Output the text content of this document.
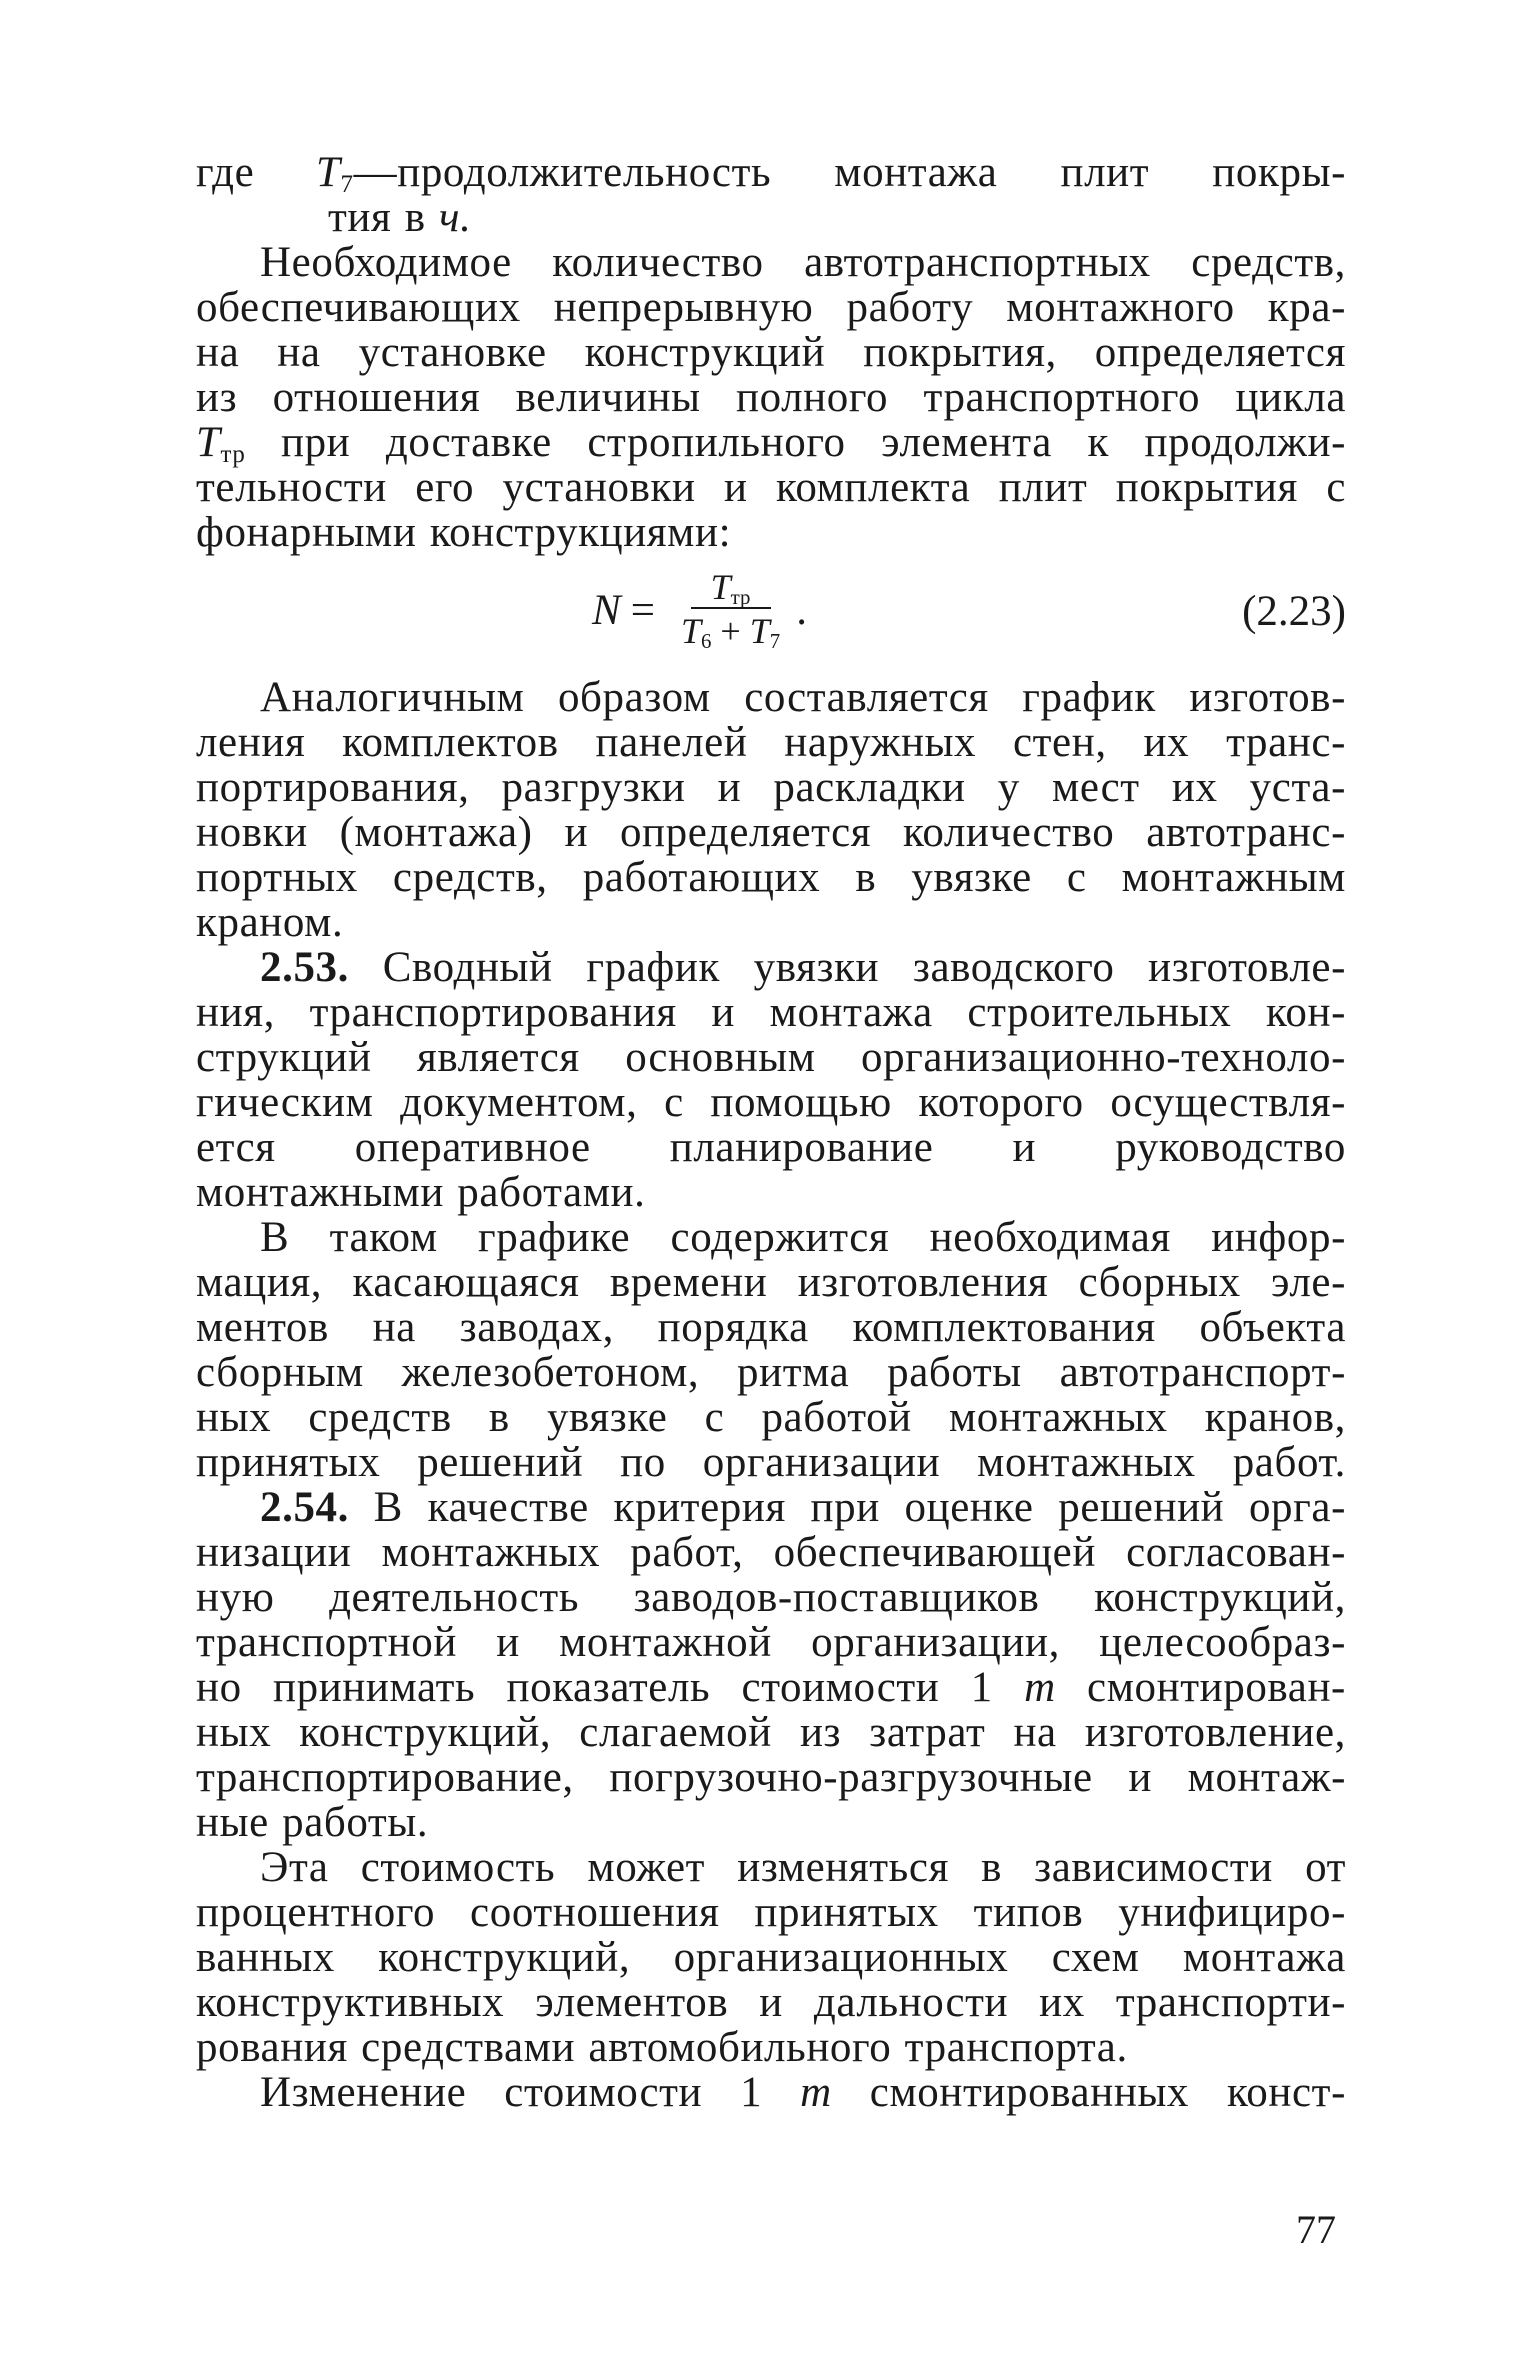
где	$T_7$ — продолжительность монтажа плит покры-
тия в ч.
Необходимое количество автотранспортных средств,
обеспечивающих непрерывную работу монтажного кра-
на на установке конструкций покрытия, определяется
из отношения величины полного транспортного цикла
$T_{тр}$ при доставке стропильного элемента к продолжи-
тельности его установки и комплекта плит покрытия с
фонарными конструкциями:
$N = \frac{T_{тр}}{T_6 + T_7}$ .	(2.23)
Аналогичным образом составляется график изготов-
ления комплектов панелей наружных стен, их транс-
портирования, разгрузки и раскладки у мест их уста-
новки (монтажа) и определяется количество автотранс-
портных средств, работающих в увязке с монтажным
краном.
2.53. Сводный график увязки заводского изготовле-
ния, транспортирования и монтажа строительных кон-
струкций является основным организационно-техноло-
гическим документом, с помощью которого осуществля-
ется оперативное планирование и руководство
монтажными работами.
В таком графике содержится необходимая инфор-
мация, касающаяся времени изготовления сборных эле-
ментов на заводах, порядка комплектования объекта
сборным железобетоном, ритма работы автотранспорт-
ных средств в увязке с работой монтажных кранов,
принятых решений по организации монтажных работ.
2.54. В качестве критерия при оценке решений орга-
низации монтажных работ, обеспечивающей согласован-
ную деятельность заводов-поставщиков конструкций,
транспортной и монтажной организации, целесообраз-
но принимать показатель стоимости 1 т смонтирован-
ных конструкций, слагаемой из затрат на изготовление,
транспортирование, погрузочно-разгрузочные и монтаж-
ные работы.
Эта стоимость может изменяться в зависимости от
процентного соотношения принятых типов унифициро-
ванных конструкций, организационных схем монтажа
конструктивных элементов и дальности их транспорти-
рования средствами автомобильного транспорта.
Изменение стоимости 1 т смонтированных конст-
77
